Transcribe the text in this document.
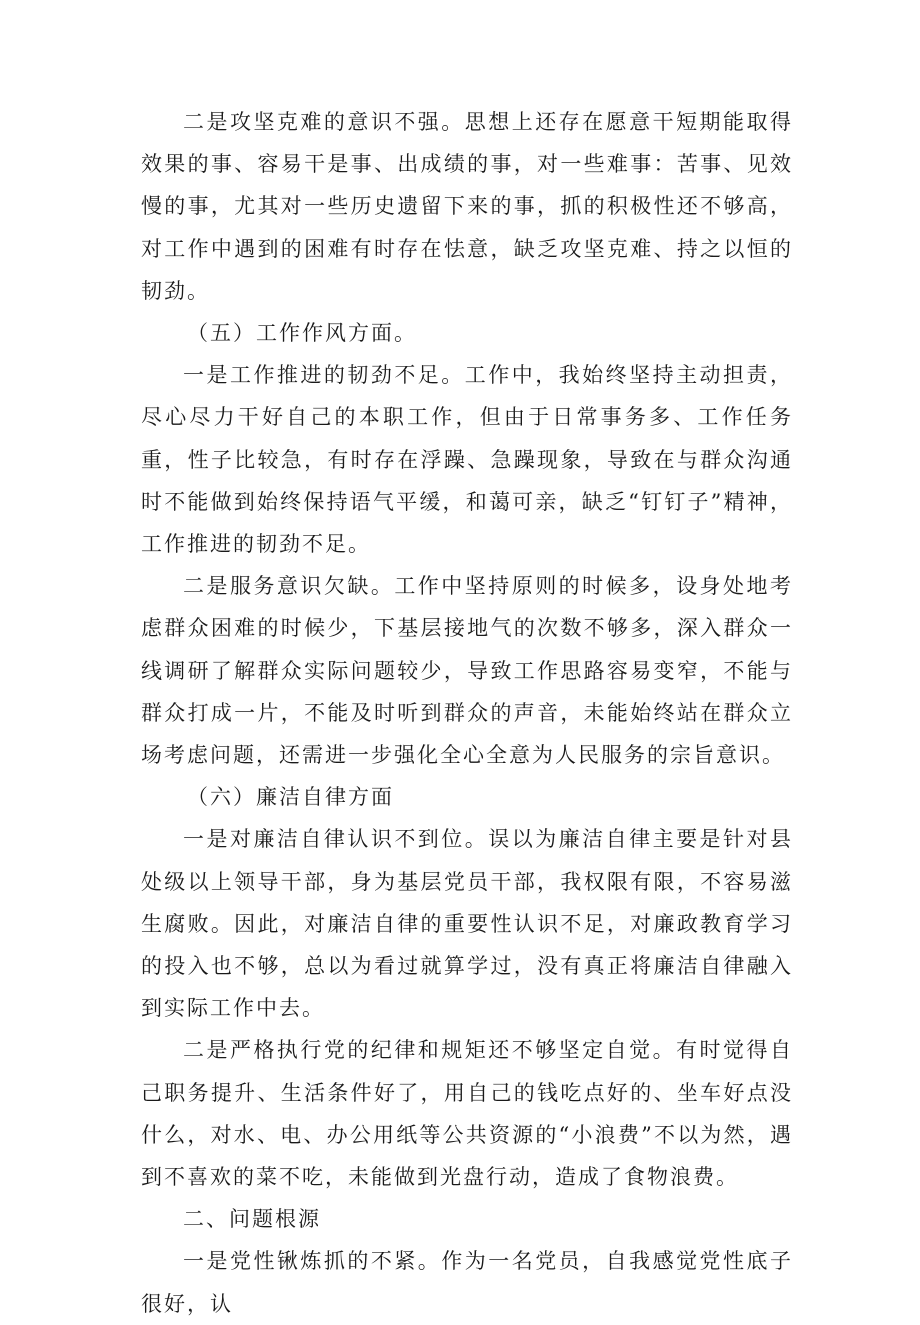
二是攻坚克难的意识不强。思想上还存在愿意干短期能取得效果的事、容易干是事、出成绩的事，对一些难事：苦事、见效慢的事，尤其对一些历史遗留下来的事，抓的积极性还不够高，对工作中遇到的困难有时存在怯意，缺乏攻坚克难、持之以恒的韧劲。

（五）工作作风方面。

一是工作推进的韧劲不足。工作中，我始终坚持主动担责，尽心尽力干好自己的本职工作，但由于日常事务多、工作任务重，性子比较急，有时存在浮躁、急躁现象，导致在与群众沟通时不能做到始终保持语气平缓，和蔼可亲，缺乏“钉钉子”精神，工作推进的韧劲不足。

二是服务意识欠缺。工作中坚持原则的时候多，设身处地考虑群众困难的时候少，下基层接地气的次数不够多，深入群众一线调研了解群众实际问题较少，导致工作思路容易变窄，不能与群众打成一片，不能及时听到群众的声音，未能始终站在群众立场考虑问题，还需进一步强化全心全意为人民服务的宗旨意识。

（六）廉洁自律方面

一是对廉洁自律认识不到位。误以为廉洁自律主要是针对县处级以上领导干部，身为基层党员干部，我权限有限，不容易滋生腐败。因此，对廉洁自律的重要性认识不足，对廉政教育学习的投入也不够，总以为看过就算学过，没有真正将廉洁自律融入到实际工作中去。

二是严格执行党的纪律和规矩还不够坚定自觉。有时觉得自己职务提升、生活条件好了，用自己的钱吃点好的、坐车好点没什么，对水、电、办公用纸等公共资源的“小浪费”不以为然，遇到不喜欢的菜不吃，未能做到光盘行动，造成了食物浪费。

二、问题根源

一是党性锹炼抓的不紧。作为一名党员，自我感觉党性底子很好，认
